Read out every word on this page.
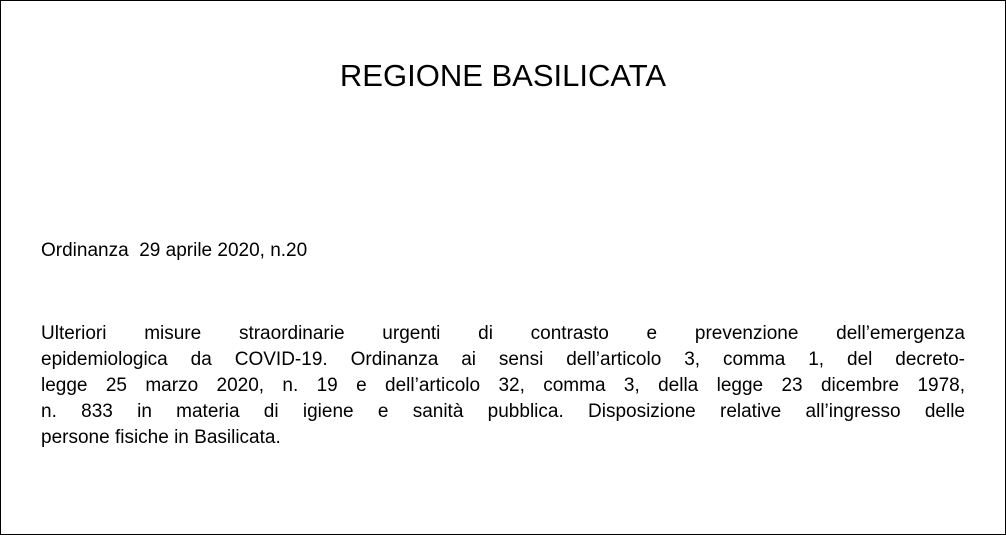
REGIONE BASILICATA

Ordinanza  29 aprile 2020, n.20

Ulteriori misure straordinarie urgenti di contrasto e prevenzione dell’emergenza
epidemiologica da COVID-19. Ordinanza ai sensi dell’articolo 3, comma 1, del decreto-
legge 25 marzo 2020, n. 19 e dell’articolo 32, comma 3, della legge 23 dicembre 1978,
n. 833 in materia di igiene e sanità pubblica. Disposizione relative all’ingresso delle
persone fisiche in Basilicata.
